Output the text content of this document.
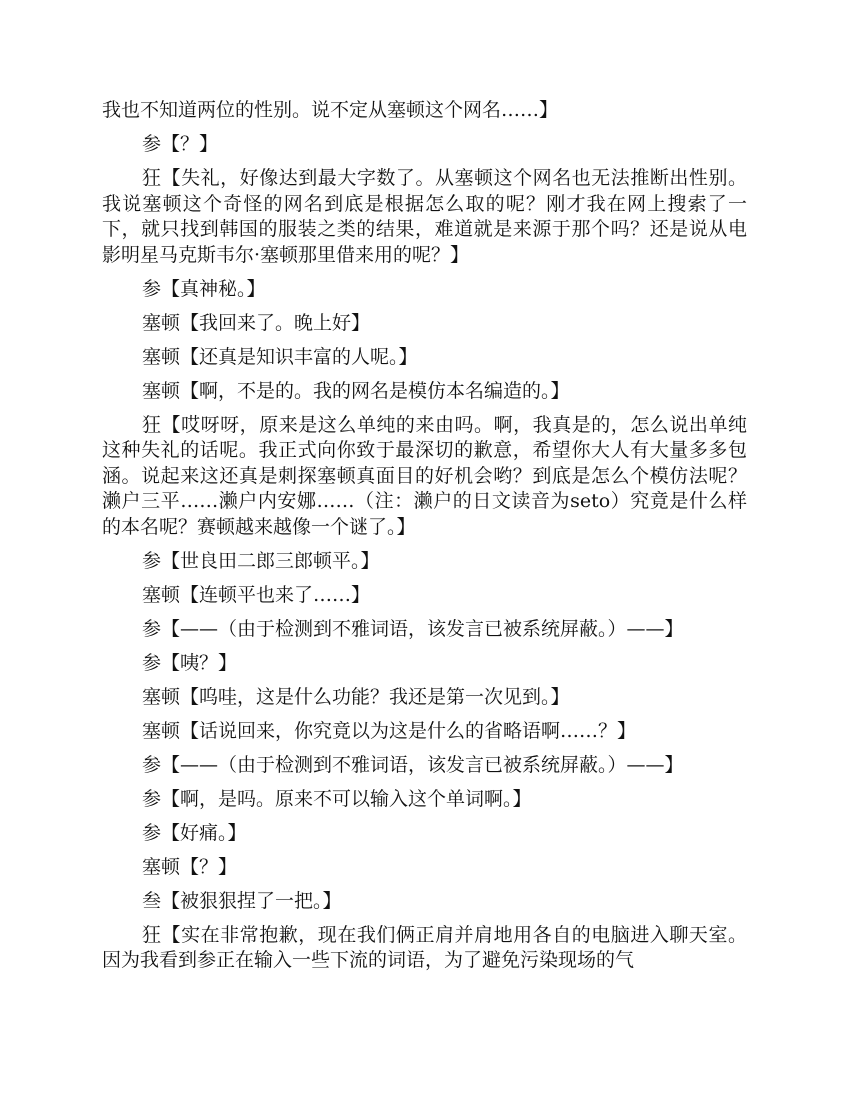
我也不知道两位的性别。说不定从塞顿这个网名……】

参【？】

狂【失礼，好像达到最大字数了。从塞顿这个网名也无法推断出性别。我说塞顿这个奇怪的网名到底是根据怎么取的呢？刚才我在网上搜索了一下，就只找到韩国的服装之类的结果，难道就是来源于那个吗？还是说从电影明星马克斯韦尔·塞顿那里借来用的呢？】

参【真神秘。】

塞顿【我回来了。晚上好】

塞顿【还真是知识丰富的人呢。】

塞顿【啊，不是的。我的网名是模仿本名编造的。】

狂【哎呀呀，原来是这么单纯的来由吗。啊，我真是的，怎么说出单纯这种失礼的话呢。我正式向你致于最深切的歉意，希望你大人有大量多多包涵。说起来这还真是刺探塞顿真面目的好机会哟？到底是怎么个模仿法呢？濑户三平……濑户内安娜……（注：濑户的日文读音为seto）究竟是什么样的本名呢？赛顿越来越像一个谜了。】

参【世良田二郎三郎顿平。】

塞顿【连顿平也来了……】

参【——（由于检测到不雅词语，该发言已被系统屏蔽。）——】

参【咦？】

塞顿【呜哇，这是什么功能？我还是第一次见到。】

塞顿【话说回来，你究竟以为这是什么的省略语啊……？】

参【——（由于检测到不雅词语，该发言已被系统屏蔽。）——】

参【啊，是吗。原来不可以输入这个单词啊。】

参【好痛。】

塞顿【？】

叁【被狠狠捏了一把。】

狂【实在非常抱歉，现在我们俩正肩并肩地用各自的电脑进入聊天室。因为我看到参正在输入一些下流的词语，为了避免污染现场的气
